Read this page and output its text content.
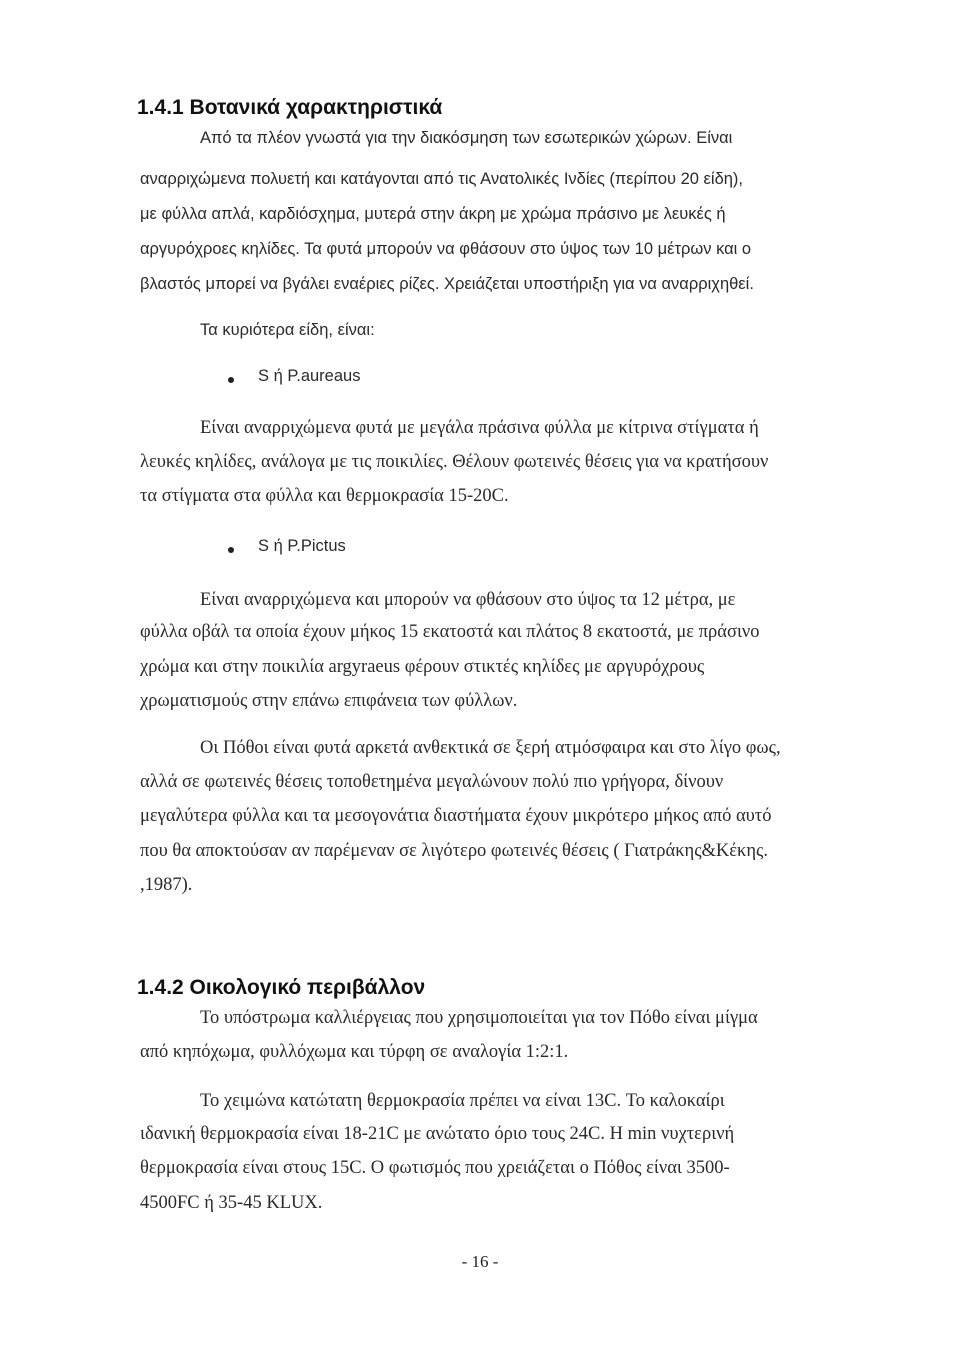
1.4.1 Βοτανικά χαρακτηριστικά
Από τα πλέον γνωστά για την διακόσμηση των εσωτερικών χώρων. Είναι
αναρριχώμενα πολυετή και κατάγονται από τις Ανατολικές Ινδίες (περίπου 20 είδη),
με φύλλα απλά, καρδιόσχημα, μυτερά στην άκρη με χρώμα πράσινο με λευκές ή
αργυρόχροες κηλίδες. Τα φυτά μπορούν να φθάσουν στο ύψος των 10 μέτρων και ο
βλαστός μπορεί να βγάλει εναέριες ρίζες. Χρειάζεται υποστήριξη για να αναρριχηθεί.
Τα κυριότερα είδη, είναι:
S ή P.aureaus
Είναι αναρριχώμενα φυτά με μεγάλα πράσινα φύλλα με κίτρινα στίγματα ή
λευκές κηλίδες, ανάλογα με τις ποικιλίες. Θέλουν φωτεινές θέσεις για να κρατήσουν
τα στίγματα στα φύλλα και θερμοκρασία 15-20C.
S ή P.Pictus
Είναι αναρριχώμενα και μπορούν να φθάσουν στο ύψος τα 12 μέτρα, με
φύλλα οβάλ τα οποία έχουν μήκος 15 εκατοστά και πλάτος 8 εκατοστά, με πράσινο
χρώμα και στην ποικιλία argyraeus φέρουν στικτές κηλίδες με αργυρόχρους
χρωματισμούς στην επάνω επιφάνεια των φύλλων.
Οι Πόθοι είναι φυτά αρκετά ανθεκτικά σε ξερή ατμόσφαιρα και στο λίγο φως,
αλλά σε φωτεινές θέσεις τοποθετημένα μεγαλώνουν πολύ πιο γρήγορα, δίνουν
μεγαλύτερα φύλλα και τα μεσογονάτια διαστήματα έχουν μικρότερο μήκος από αυτό
που θα αποκτούσαν αν παρέμεναν σε λιγότερο φωτεινές θέσεις ( Γιατράκης&Κέκης.
,1987).
1.4.2 Οικολογικό περιβάλλον
Το υπόστρωμα καλλιέργειας που χρησιμοποιείται για τον Πόθο είναι μίγμα
από κηπόχωμα, φυλλόχωμα και τύρφη σε αναλογία 1:2:1.
Το χειμώνα κατώτατη θερμοκρασία πρέπει να είναι 13C. Το καλοκαίρι
ιδανική θερμοκρασία είναι 18-21C με ανώτατο όριο τους 24C. Η min νυχτερινή
θερμοκρασία είναι στους 15C. Ο φωτισμός που χρειάζεται ο Πόθος είναι 3500-
4500FC ή 35-45 KLUX.
- 16 -
